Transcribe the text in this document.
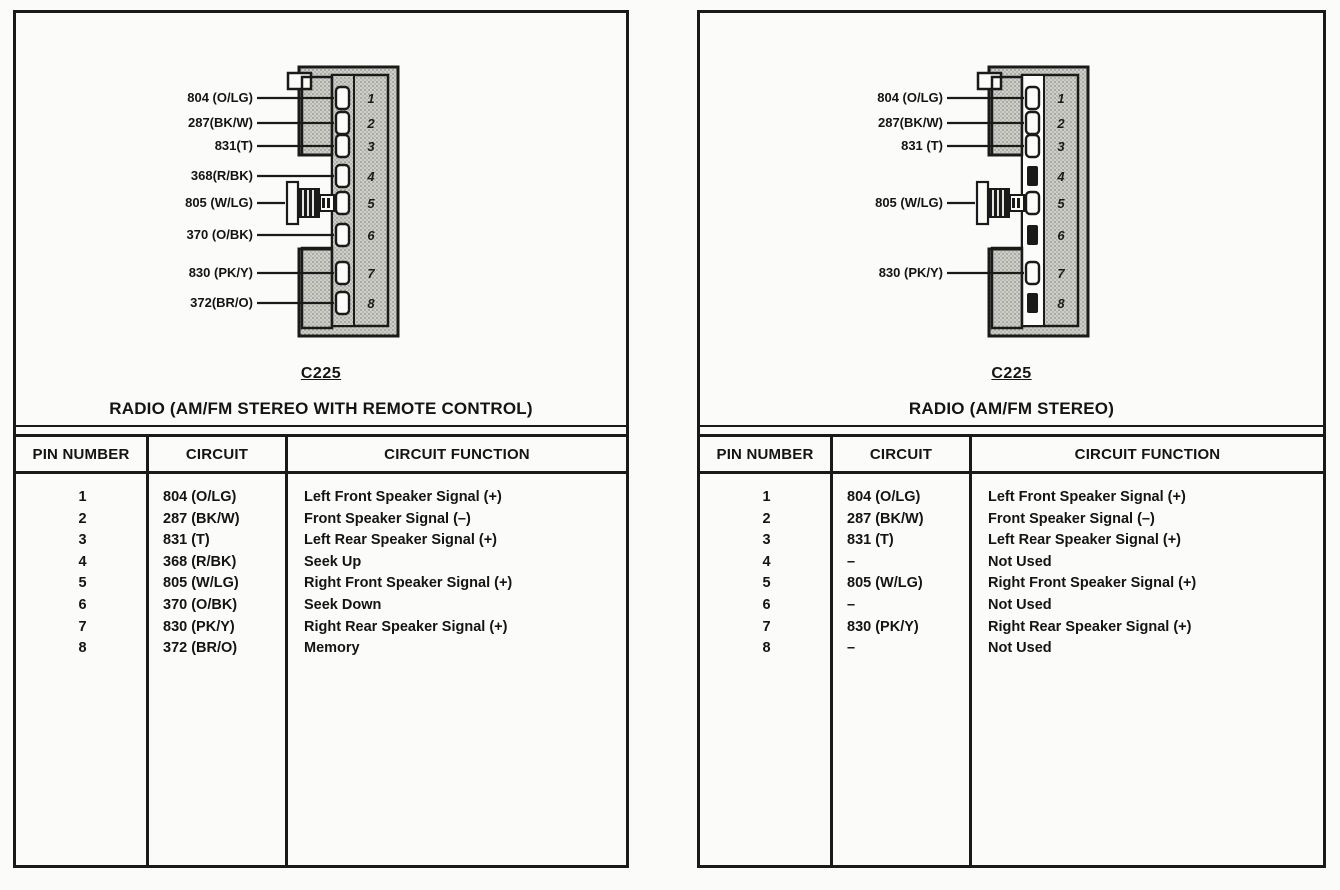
1
2
3
4
5
6
7
8
804 (O/LG)
287(BK/W)
831(T)
368(R/BK)
805 (W/LG)
370 (O/BK)
830 (PK/Y)
372(BR/O)
C225
RADIO (AM/FM STEREO WITH REMOTE CONTROL)
PIN NUMBER	CIRCUIT	CIRCUIT FUNCTION
1	804 (O/LG)	Left Front Speaker Signal (+)
2	287 (BK/W)	Front Speaker Signal (–)
3	831 (T)	Left Rear Speaker Signal (+)
4	368 (R/BK)	Seek Up
5	805 (W/LG)	Right Front Speaker Signal (+)
6	370 (O/BK)	Seek Down
7	830 (PK/Y)	Right Rear Speaker Signal (+)
8	372 (BR/O)	Memory
1
2
3
4
5
6
7
8
804 (O/LG)
287(BK/W)
831 (T)
805 (W/LG)
830 (PK/Y)
C225
RADIO (AM/FM STEREO)
PIN NUMBER	CIRCUIT	CIRCUIT FUNCTION
1	804 (O/LG)	Left Front Speaker Signal (+)
2	287 (BK/W)	Front Speaker Signal (–)
3	831 (T)	Left Rear Speaker Signal (+)
4	–	Not Used
5	805 (W/LG)	Right Front Speaker Signal (+)
6	–	Not Used
7	830 (PK/Y)	Right Rear Speaker Signal (+)
8	–	Not Used
